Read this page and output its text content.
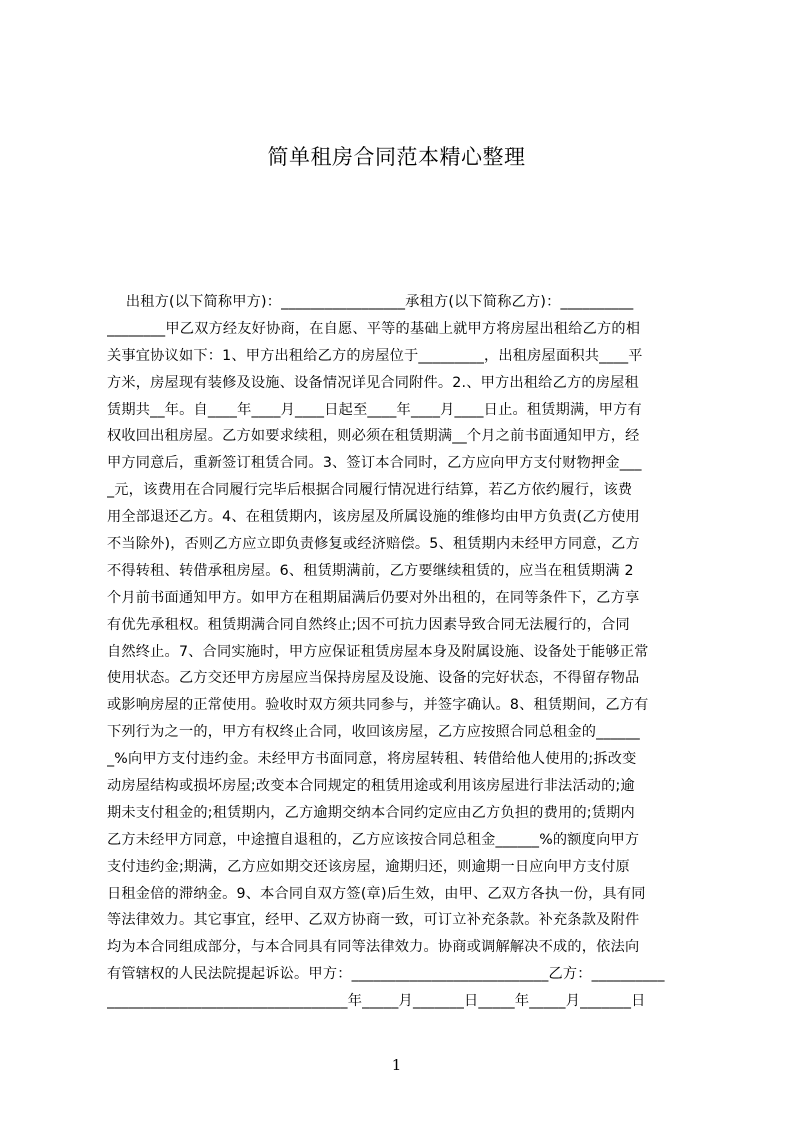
简单租房合同范本精心整理
出租方(以下简称甲方)：_________________承租方(以下简称乙方)：__________
________甲乙双方经友好协商，在自愿、平等的基础上就甲方将房屋出租给乙方的相
关事宜协议如下：1、甲方出租给乙方的房屋位于_________，出租房屋面积共____平
方米，房屋现有装修及设施、设备情况详见合同附件。2.、甲方出租给乙方的房屋租
赁期共__年。自____年____月____日起至____年____月____日止。租赁期满，甲方有
权收回出租房屋。乙方如要求续租，则必须在租赁期满__个月之前书面通知甲方，经
甲方同意后，重新签订租赁合同。3、签订本合同时，乙方应向甲方支付财物押金___
_元，该费用在合同履行完毕后根据合同履行情况进行结算，若乙方依约履行，该费
用全部退还乙方。4、在租赁期内，该房屋及所属设施的维修均由甲方负责(乙方使用
不当除外)，否则乙方应立即负责修复或经济赔偿。5、租赁期内未经甲方同意，乙方
不得转租、转借承租房屋。6、租赁期满前，乙方要继续租赁的，应当在租赁期满 2
个月前书面通知甲方。如甲方在租期届满后仍要对外出租的，在同等条件下，乙方享
有优先承租权。租赁期满合同自然终止;因不可抗力因素导致合同无法履行的，合同
自然终止。7、合同实施时，甲方应保证租赁房屋本身及附属设施、设备处于能够正常
使用状态。乙方交还甲方房屋应当保持房屋及设施、设备的完好状态，不得留存物品
或影响房屋的正常使用。验收时双方须共同参与，并签字确认。8、租赁期间，乙方有
下列行为之一的，甲方有权终止合同，收回该房屋，乙方应按照合同总租金的______
_%向甲方支付违约金。未经甲方书面同意，将房屋转租、转借给他人使用的;拆改变
动房屋结构或损坏房屋;改变本合同规定的租赁用途或利用该房屋进行非法活动的;逾
期未支付租金的;租赁期内，乙方逾期交纳本合同约定应由乙方负担的费用的;赁期内
乙方未经甲方同意，中途擅自退租的，乙方应该按合同总租金______%的额度向甲方
支付违约金;期满，乙方应如期交还该房屋，逾期归还，则逾期一日应向甲方支付原
日租金倍的滞纳金。9、本合同自双方签(章)后生效，由甲、乙双方各执一份，具有同
等法律效力。其它事宜，经甲、乙双方协商一致，可订立补充条款。补充条款及附件
均为本合同组成部分，与本合同具有同等法律效力。协商或调解解决不成的，依法向
有管辖权的人民法院提起诉讼。甲方：___________________________乙方：__________
_________________________________年_____月_______日_____年_____月_______日
1
